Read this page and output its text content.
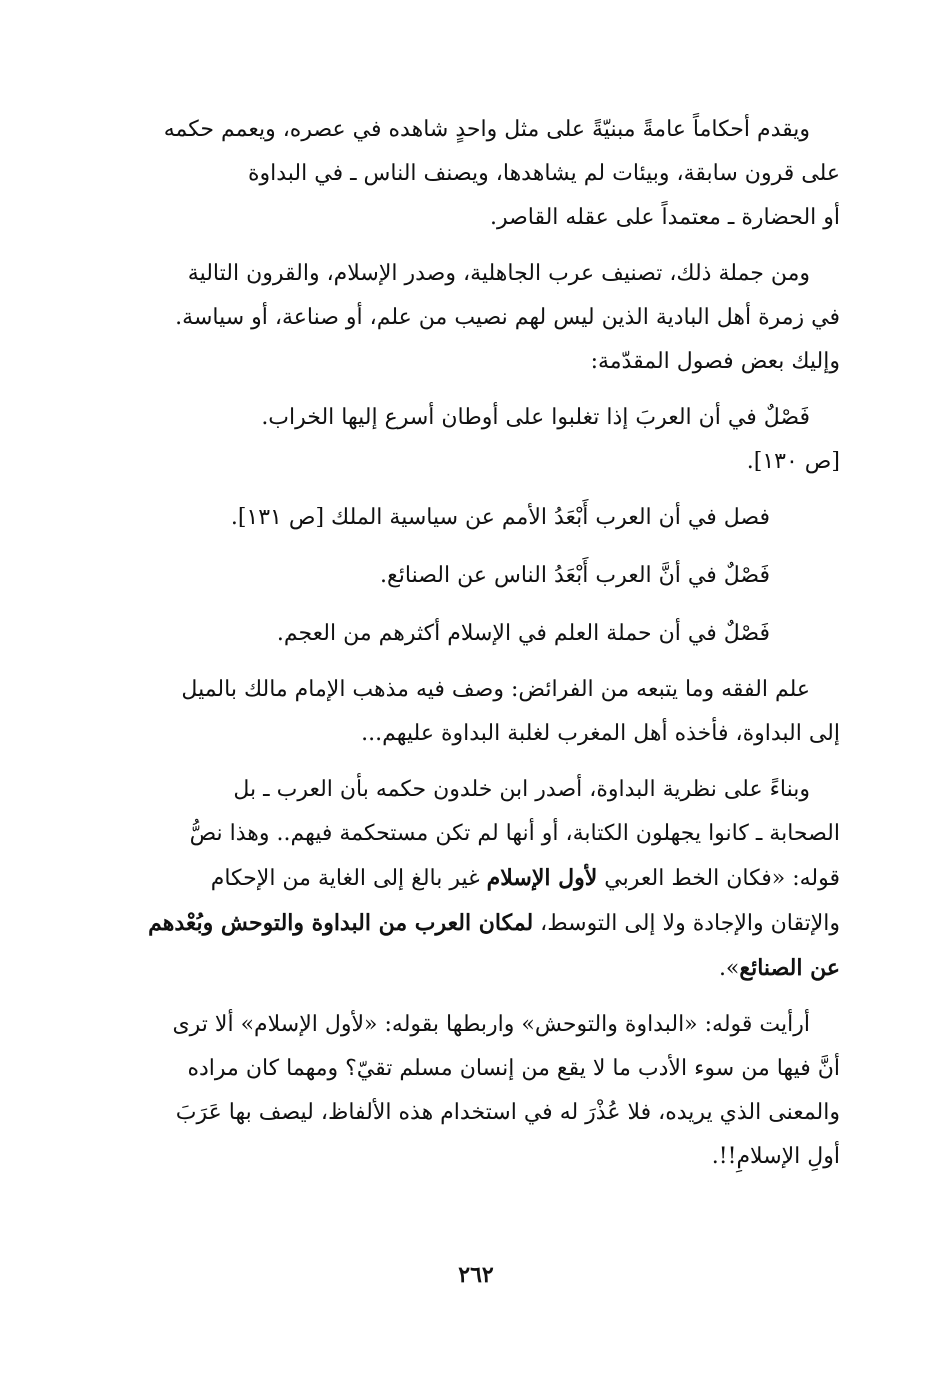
ويقدم أحكاماً عامةً مبنيّةً على مثل واحدٍ شاهده في عصره، ويعمم حكمه
على قرون سابقة، وبيئات لم يشاهدها، ويصنف الناس ـ في البداوة
أو الحضارة ـ معتمداً على عقله القاصر.

ومن جملة ذلك، تصنيف عرب الجاهلية، وصدر الإسلام، والقرون التالية
في زمرة أهل البادية الذين ليس لهم نصيب من علم، أو صناعة، أو سياسة.
وإليك بعض فصول المقدّمة:

فَصْلٌ في أن العربَ إذا تغلبوا على أوطان أسرع إليها الخراب.
[ص ١٣٠].

فصل في أن العرب أَبْعَدُ الأمم عن سياسية الملك [ص ١٣١].
فَصْلٌ في أنَّ العرب أَبْعَدُ الناس عن الصنائع.
فَصْلٌ في أن حملة العلم في الإسلام أكثرهم من العجم.

علم الفقه وما يتبعه من الفرائض: وصف فيه مذهب الإمام مالك بالميل
إلى البداوة، فأخذه أهل المغرب لغلبة البداوة عليهم...

وبناءً على نظرية البداوة، أصدر ابن خلدون حكمه بأن العرب ـ بل
الصحابة ـ كانوا يجهلون الكتابة، أو أنها لم تكن مستحكمة فيهم.. وهذا نصُّ
قوله: «فكان الخط العربي لأول الإسلام غير بالغ إلى الغاية من الإحكام
والإتقان والإجادة ولا إلى التوسط، لمكان العرب من البداوة والتوحش وبُعْدهم
عن الصنائع».

أرأيت قوله: «البداوة والتوحش» واربطها بقوله: «لأول الإسلام» ألا ترى
أنَّ فيها من سوء الأدب ما لا يقع من إنسان مسلم تقيّ؟ ومهما كان مراده
والمعنى الذي يريده، فلا عُذْرَ له في استخدام هذه الألفاظ، ليصف بها عَرَبَ
أولِ الإسلامِ!!.

٢٦٢
